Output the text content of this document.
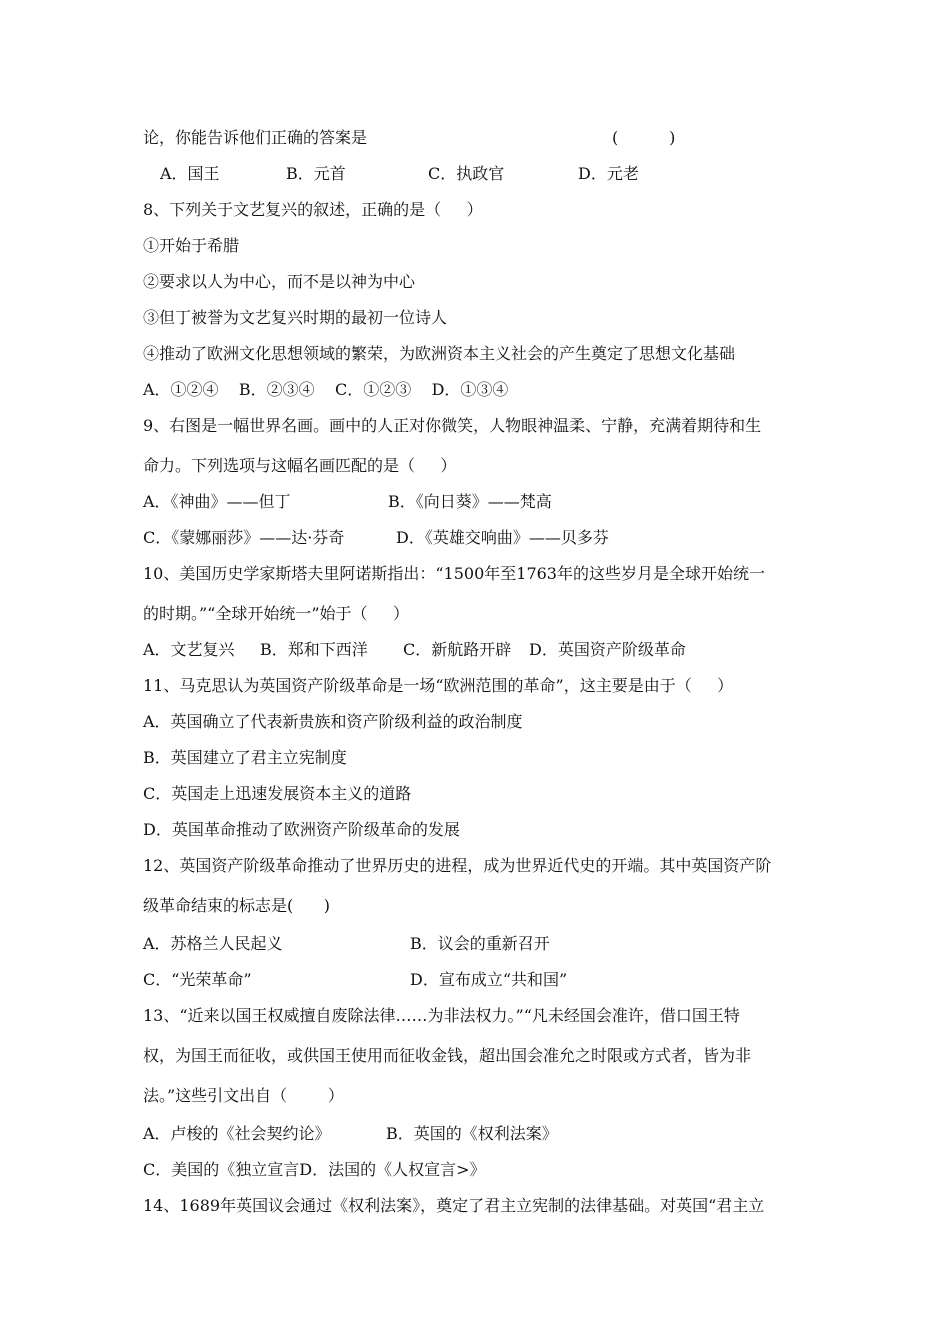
论，你能告诉他们正确的答案是	(          )

A．国王

	B．元首

	C．执政官

	D．元老

8、下列关于文艺复兴的叙述，正确的是（     ）
①开始于希腊
②要求以人为中心，而不是以神为中心
③但丁被誉为文艺复兴时期的最初一位诗人
④推动了欧洲文化思想领域的繁荣，为欧洲资本主义社会的产生奠定了思想文化基础
A．①②④    B．②③④    C．①②③    D．①③④
9、右图是一幅世界名画。画中的人正对你微笑，人物眼神温柔、宁静，充满着期待和生
命力。下列选项与这幅名画匹配的是（     ）
A．《神曲》——但丁	B．《向日葵》——梵高
C．《蒙娜丽莎》——达·芬奇	D．《英雄交响曲》——贝多芬
10、美国历史学家斯塔夫里阿诺斯指出：“1500年至1763年的这些岁月是全球开始统一
的时期。”“全球开始统一”始于（     ）

A．文艺复兴

B．郑和下西洋

C．新航路开辟

D．英国资产阶级革命

11、马克思认为英国资产阶级革命是一场“欧洲范围的革命”，这主要是由于（     ）
A．英国确立了代表新贵族和资产阶级利益的政治制度
B．英国建立了君主立宪制度
C．英国走上迅速发展资本主义的道路
D．英国革命推动了欧洲资产阶级革命的发展
12、英国资产阶级革命推动了世界历史的进程，成为世界近代史的开端。其中英国资产阶
级革命结束的标志是(      )
A．苏格兰人民起义	B．议会的重新召开
C．“光荣革命”	D．宣布成立“共和国”
13、“近来以国王权威擅自废除法律……为非法权力。”“凡未经国会准许，借口国王特
权，为国王而征收，或供国王使用而征收金钱，超出国会准允之时限或方式者，皆为非
法。”这些引文出自（        ）
A．卢梭的《社会契约论》	B．英国的《权利法案》
C．美国的《独立宣言D．法国的《人权宣言>》
14、1689年英国议会通过《权利法案》，奠定了君主立宪制的法律基础。对英国“君主立
